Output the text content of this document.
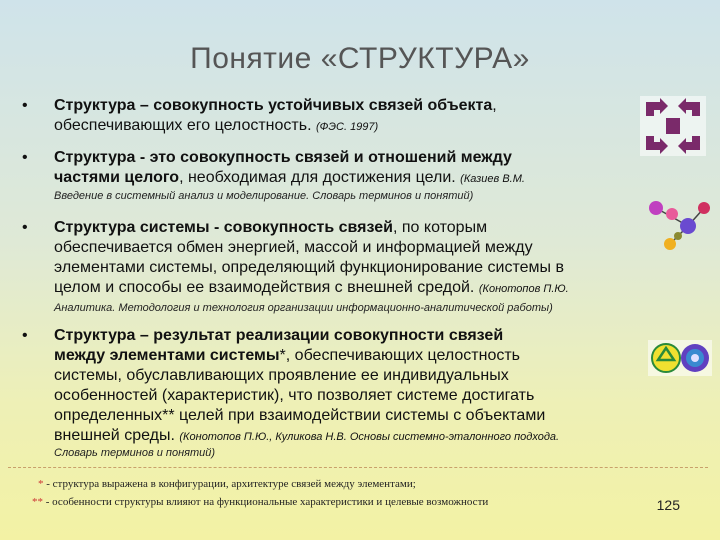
Понятие «СТРУКТУРА»
• Структура – совокупность устойчивых связей объекта,
обеспечивающих его целостность. (ФЭС. 1997)
• Структура - это совокупность связей и отношений между
частями целого, необходимая для достижения цели. (Казиев В.М.
Введение в системный анализ и моделирование. Словарь терминов и понятий)
• Структура системы - совокупность связей, по которым
обеспечивается обмен энергией, массой и информацией между
элементами системы, определяющий функционирование системы в
целом и способы ее взаимодействия с внешней средой. (Конотопов П.Ю.
Аналитика. Методология и технология организации информационно-аналитической работы)
• Структура – результат реализации совокупности связей
между элементами системы*, обеспечивающих целостность
системы, обуславливающих проявление ее индивидуальных
особенностей (характеристик), что позволяет системе достигать
определенных** целей при взаимодействии системы с объектами
внешней среды. (Конотопов П.Ю., Куликова Н.В. Основы системно-эталонного подхода.
Словарь терминов и понятий)
* - структура выражена в конфигурации, архитектуре связей между элементами;
** - особенности структуры влияют на функциональные характеристики и целевые возможности	125
